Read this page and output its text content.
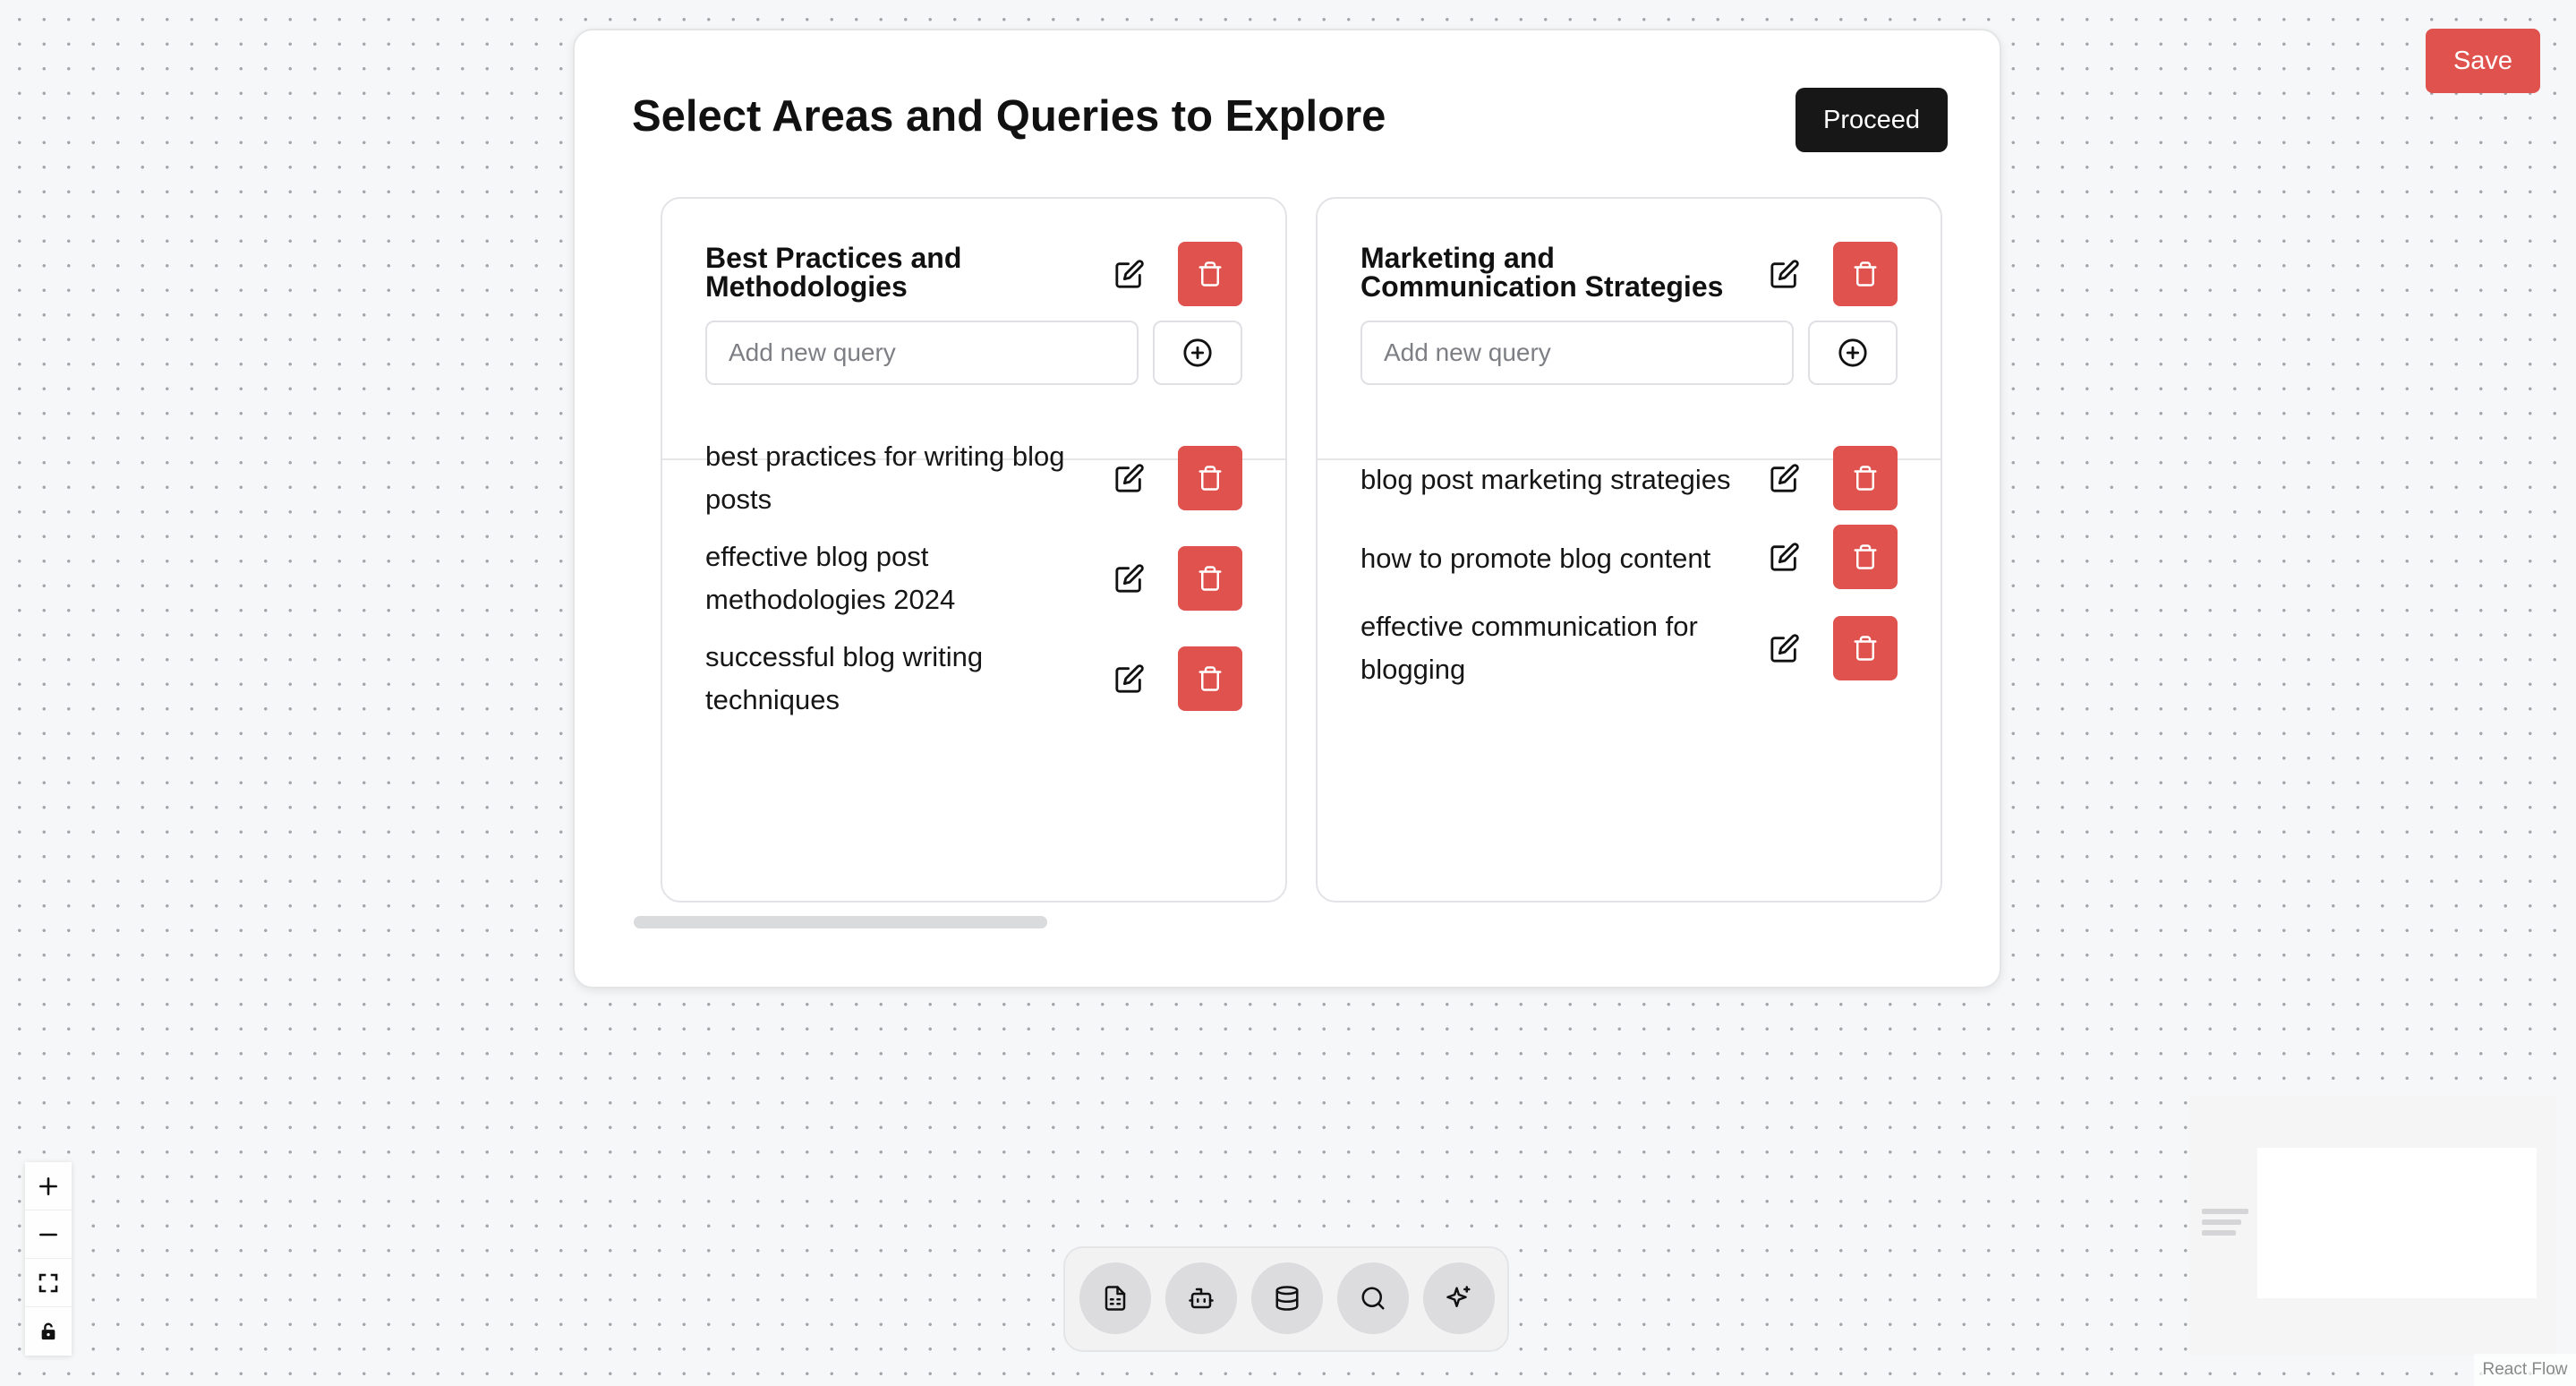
Save
Select Areas and Queries to Explore	Proceed
Best Practices and Methodologies
Add new query

best practices for writing blog posts

effective blog post methodologies 2024

successful blog writing techniques

Marketing and Communication Strategies
Add new query

blog post marketing strategies

how to promote blog content

effective communication for blogging

React Flow
